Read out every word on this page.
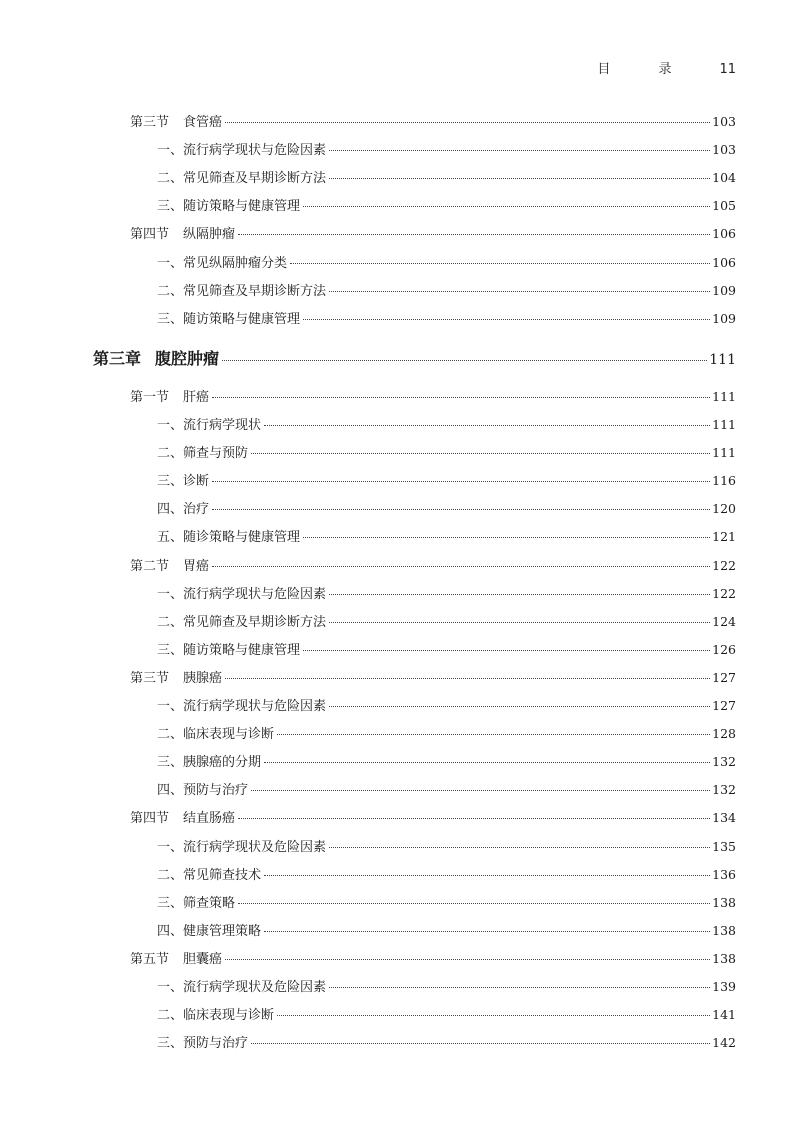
目 录 11
第三节 食管癌	103
一、流行病学现状与危险因素	103
二、常见筛查及早期诊断方法	104
三、随访策略与健康管理	105
第四节 纵隔肿瘤	106
一、常见纵隔肿瘤分类	106
二、常见筛查及早期诊断方法	109
三、随访策略与健康管理	109
第三章 腹腔肿瘤	111
第一节 肝癌	111
一、流行病学现状	111
二、筛查与预防	111
三、诊断	116
四、治疗	120
五、随诊策略与健康管理	121
第二节 胃癌	122
一、流行病学现状与危险因素	122
二、常见筛查及早期诊断方法	124
三、随访策略与健康管理	126
第三节 胰腺癌	127
一、流行病学现状与危险因素	127
二、临床表现与诊断	128
三、胰腺癌的分期	132
四、预防与治疗	132
第四节 结直肠癌	134
一、流行病学现状及危险因素	135
二、常见筛查技术	136
三、筛查策略	138
四、健康管理策略	138
第五节 胆囊癌	138
一、流行病学现状及危险因素	139
二、临床表现与诊断	141
三、预防与治疗	142
